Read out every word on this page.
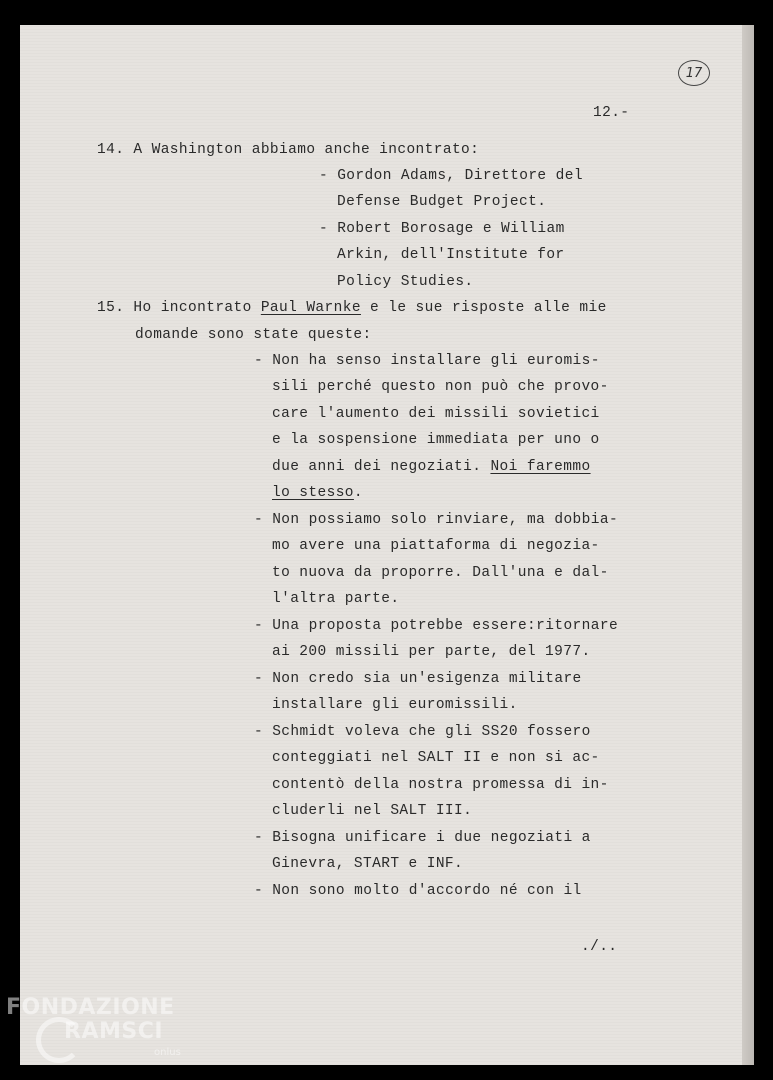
17
12.-
14. A Washington abbiamo anche incontrato:
- Gordon Adams, Direttore del
Defense Budget Project.
- Robert Borosage e William
Arkin, dell'Institute for
Policy Studies.
15. Ho incontrato Paul Warnke e le sue risposte alle mie
domande sono state queste:
- Non ha senso installare gli euromis-
sili perché questo non può che provo-
care l'aumento dei missili sovietici
e la sospensione immediata per uno o
due anni dei negoziati. Noi faremmo
lo stesso.
- Non possiamo solo rinviare, ma dobbia-
mo avere una piattaforma di negozia-
to nuova da proporre. Dall'una e dal-
l'altra parte.
- Una proposta potrebbe essere:ritornare
ai 200 missili per parte, del 1977.
- Non credo sia un'esigenza militare
installare gli euromissili.
- Schmidt voleva che gli SS20 fossero
conteggiati nel SALT II e non si ac-
contentò della nostra promessa di in-
cluderli nel SALT III.
- Bisogna unificare i due negoziati a
Ginevra, START e INF.
- Non sono molto d'accordo né con il
./..
FONDAZIONE
RAMSCI
onlus
